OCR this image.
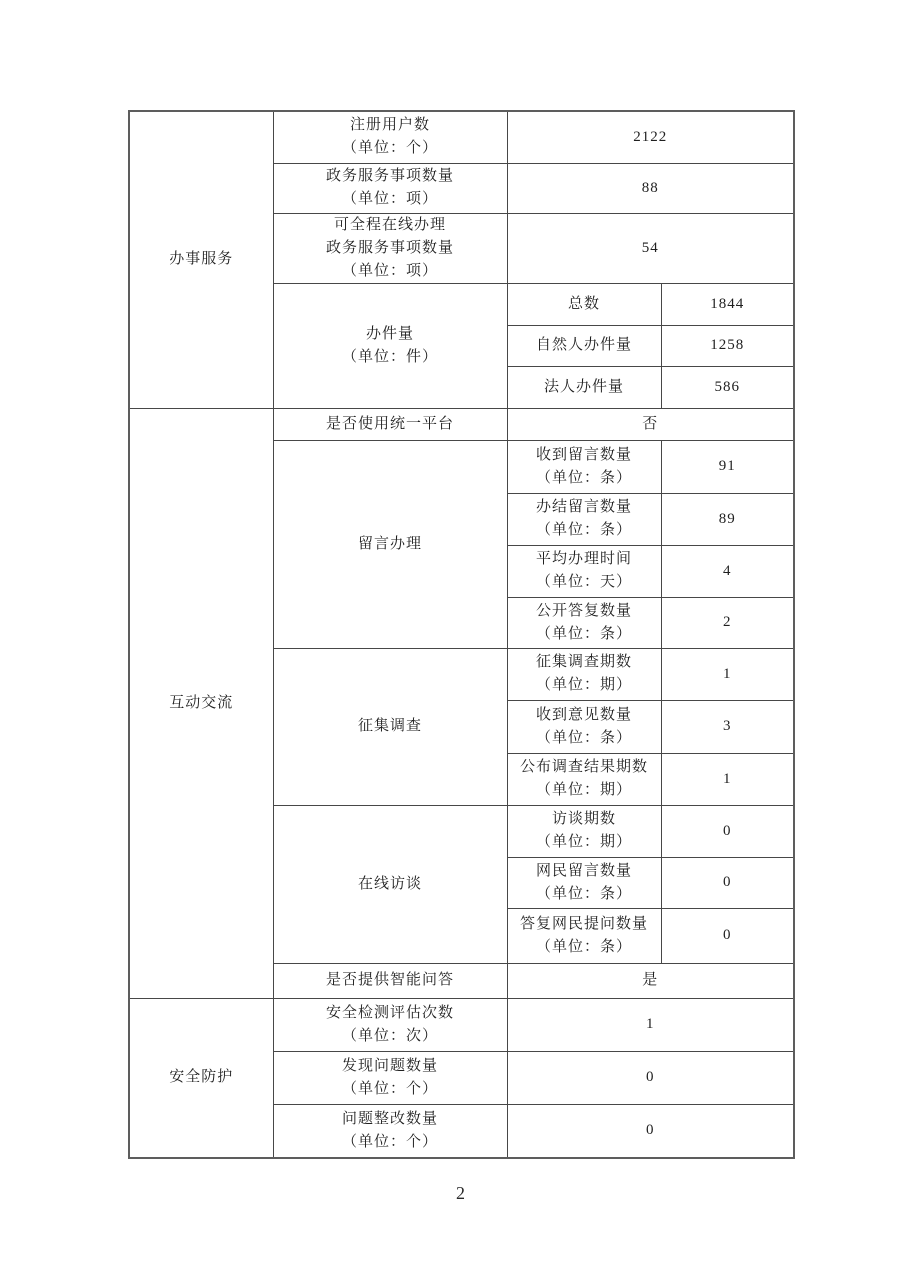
办事服务	注册用户数
（单位：个）	2122	
	政务服务事项数量
（单位：项）	88	
	可全程在线办理
政务服务事项数量
（单位：项）	54	
	办件量
（单位：件）	总数	1844
		自然人办件量	1258
		法人办件量	586
互动交流	是否使用统一平台	否	
	留言办理	收到留言数量
（单位：条）	91
		办结留言数量
（单位：条）	89
		平均办理时间
（单位：天）	4
		公开答复数量
（单位：条）	2
	征集调查	征集调查期数
（单位：期）	1
		收到意见数量
（单位：条）	3
		公布调查结果期数
（单位：期）	1
	在线访谈	访谈期数
（单位：期）	0
		网民留言数量
（单位：条）	0
		答复网民提问数量
（单位：条）	0
	是否提供智能问答	是	
安全防护	安全检测评估次数
（单位：次）	1	
	发现问题数量
（单位：个）	0	
	问题整改数量
（单位：个）	0	
2
